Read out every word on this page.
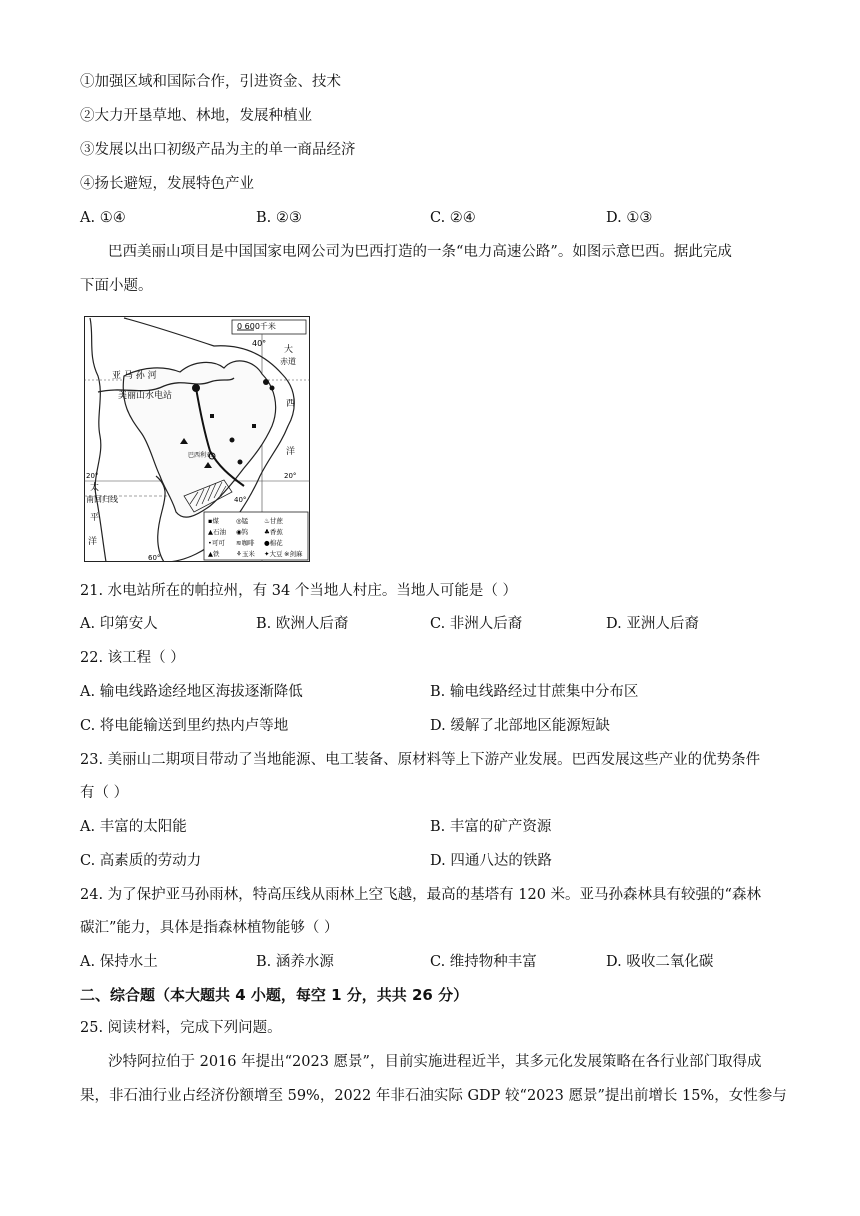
①加强区域和国际合作，引进资金、技术
②大力开垦草地、林地，发展种植业
③发展以出口初级产品为主的单一商品经济
④扬长避短，发展特色产业
A. ①④	B. ②③	C. ②④	D. ①③
巴西美丽山项目是中国国家电网公司为巴西打造的一条“电力高速公路”。如图示意巴西。据此完成
下面小题。
0 600千米
40°
大
赤道
西
洋
亚 马 孙 河
美丽山水电站
巴西利亚
20°	20°
太
南回归线
平
洋
40°
60°
▪煤	◎锰 ♨甘蔗
◉钨 ♣香蕉
▲石油
≋咖啡 ●棉花
▲铁	⚘玉米 ✦大豆
•可可
※剑麻
21. 水电站所在的帕拉州，有 34 个当地人村庄。当地人可能是（ ）
A. 印第安人	B. 欧洲人后裔	C. 非洲人后裔	D. 亚洲人后裔
22. 该工程（ ）
A. 输电线路途经地区海拔逐渐降低	B. 输电线路经过甘蔗集中分布区
C. 将电能输送到里约热内卢等地	D. 缓解了北部地区能源短缺
23. 美丽山二期项目带动了当地能源、电工装备、原材料等上下游产业发展。巴西发展这些产业的优势条件
有（ ）
A. 丰富的太阳能	B. 丰富的矿产资源
C. 高素质的劳动力	D. 四通八达的铁路
24. 为了保护亚马孙雨林，特高压线从雨林上空飞越，最高的基塔有 120 米。亚马孙森林具有较强的“森林
碳汇”能力，具体是指森林植物能够（ ）
A. 保持水土	B. 涵养水源	C. 维持物种丰富	D. 吸收二氧化碳
二、综合题（本大题共 4 小题，每空 1 分，共共 26 分）
25. 阅读材料，完成下列问题。
沙特阿拉伯于 2016 年提出“2023 愿景”，目前实施进程近半，其多元化发展策略在各行业部门取得成
果，非石油行业占经济份额增至 59%，2022 年非石油实际 GDP 较“2023 愿景”提出前增长 15%，女性参与
